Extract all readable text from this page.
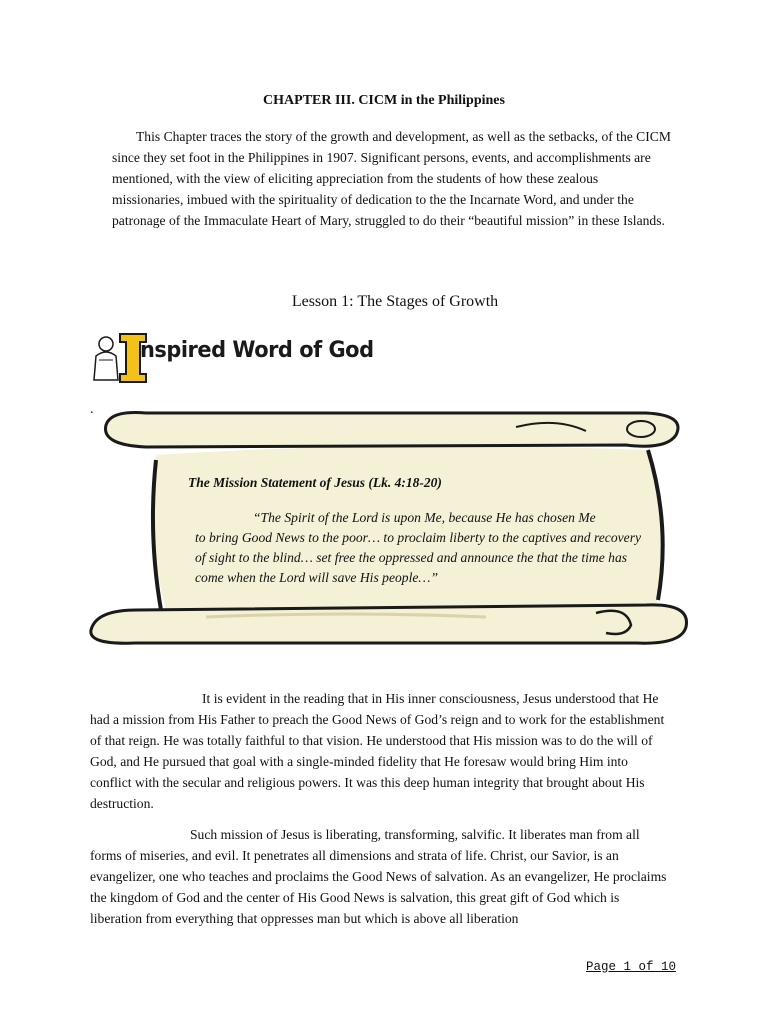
CHAPTER III. CICM in the Philippines
This Chapter traces the story of the growth and development, as well as the setbacks, of the CICM since they set foot in the Philippines in 1907. Significant persons, events, and accomplishments are mentioned, with the view of eliciting appreciation from the students of how these zealous missionaries, imbued with the spirituality of dedication to the the Incarnate Word, and under the patronage of the Immaculate Heart of Mary, struggled to do their “beautiful mission” in these Islands.
Lesson 1: The Stages of Growth
nspired Word of God
.
The Mission Statement of Jesus (Lk. 4:18-20)
“The Spirit of the Lord is upon Me, because He has chosen Me
to bring Good News to the poor… to proclaim liberty to the captives and recovery of sight to the blind… set free the oppressed and announce the that the time has come when the Lord will save His people…”
It is evident in the reading that in His inner consciousness, Jesus understood that He had a mission from His Father to preach the Good News of God’s reign and to work for the establishment of that reign. He was totally faithful to that vision. He understood that His mission was to do the will of God, and He pursued that goal with a single-minded fidelity that He foresaw would bring Him into conflict with the secular and religious powers. It was this deep human integrity that brought about His destruction.
Such mission of Jesus is liberating, transforming, salvific. It liberates man from all forms of miseries, and evil. It penetrates all dimensions and strata of life. Christ, our Savior, is an evangelizer, one who teaches and proclaims the Good News of salvation. As an evangelizer, He proclaims the kingdom of God and the center of His Good News is salvation, this great gift of God which is liberation from everything that oppresses man but which is above all liberation
Page 1 of 10
